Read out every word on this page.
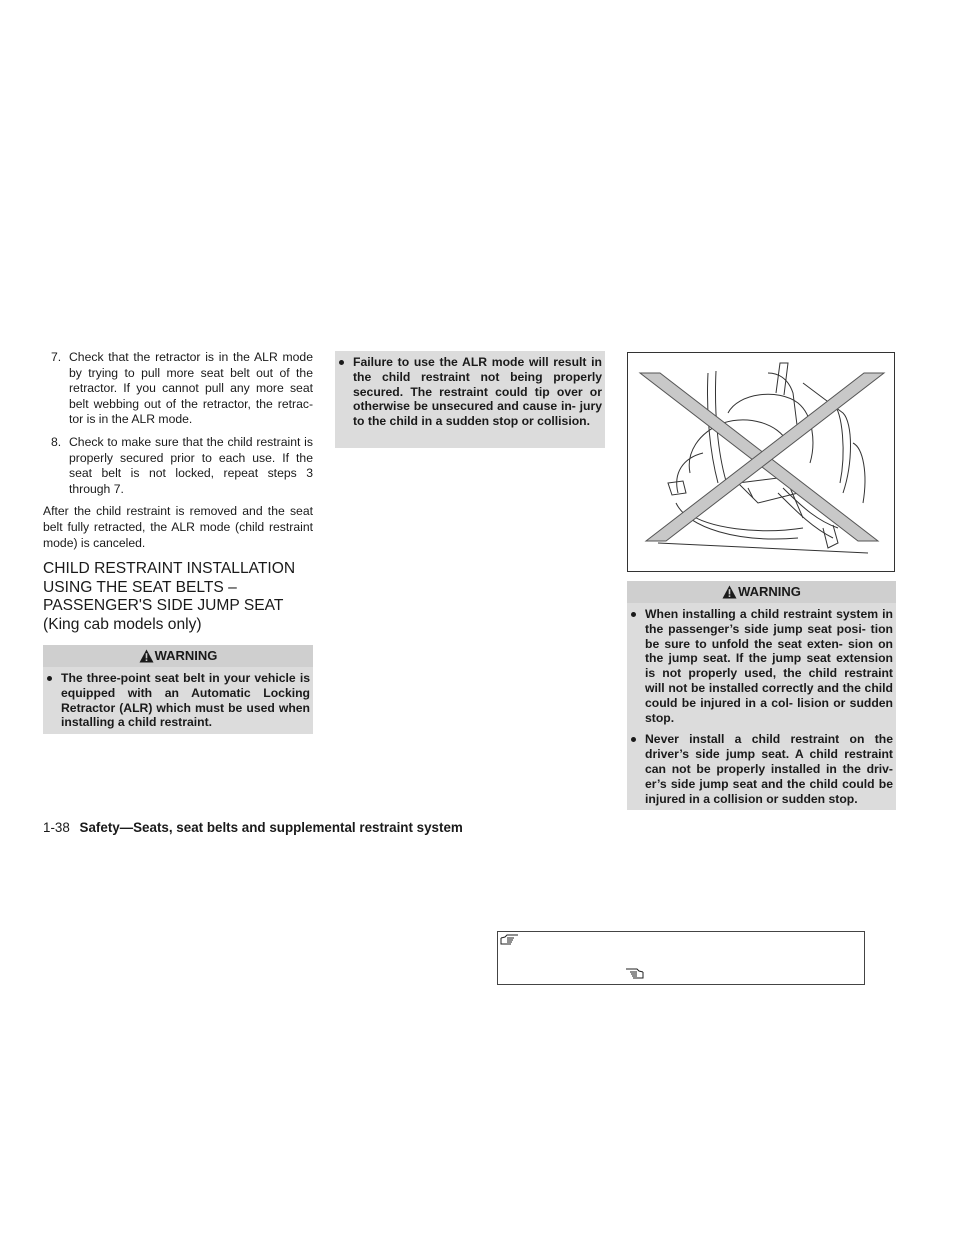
7. Check that the retractor is in the ALR mode by trying to pull more seat belt out of the retractor. If you cannot pull any more seat belt webbing out of the retractor, the retrac- tor is in the ALR mode.
8. Check to make sure that the child restraint is properly secured prior to each use. If the seat belt is not locked, repeat steps 3 through 7.

After the child restraint is removed and the seat belt fully retracted, the ALR mode (child restraint mode) is canceled.

CHILD RESTRAINT INSTALLATION
USING THE SEAT BELTS –
PASSENGER'S SIDE JUMP SEAT
(King cab models only)
WARNING
The three-point seat belt in your vehicle is equipped with an Automatic Locking Retractor (ALR) which must be used when installing a child restraint.
Failure to use the ALR mode will result in the child restraint not being properly secured. The restraint could tip over or otherwise be unsecured and cause in- jury to the child in a sudden stop or collision.
WARNING
When installing a child restraint system in the passenger’s side jump seat posi- tion be sure to unfold the seat exten- sion on the jump seat. If the jump seat extension is not properly used, the child restraint will not be installed correctly and the child could be injured in a col- lision or sudden stop.
Never install a child restraint on the driver’s side jump seat. A child restraint can not be properly installed in the driv- er’s side jump seat and the child could be injured in a collision or sudden stop.
1-38 Safety—Seats, seat belts and supplemental restraint system
